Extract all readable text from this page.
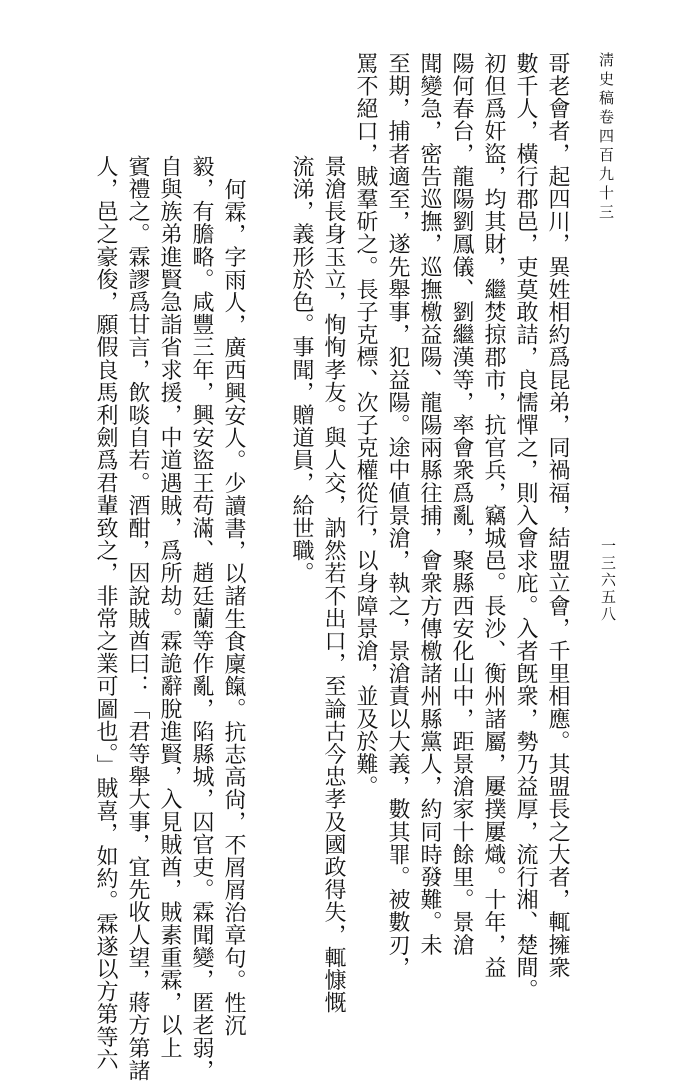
淸史稿卷四百九十三
一三六五八
哥老會者，起四川，異姓相約爲昆弟，同禍福，結盟立會，千里相應。其盟長之大者，輒擁衆
數千人，橫行郡邑，吏莫敢詰，良懦憚之，則入會求庇。入者旣衆，勢乃益厚，流行湘、楚間。
初但爲奸盜，均其財，繼焚掠郡市，抗官兵，竊城邑。長沙、衡州諸屬，屢撲屢熾。十年，益
陽何春台，龍陽劉鳳儀、劉繼漢等，率會衆爲亂，聚縣西安化山中，距景滄家十餘里。景滄
聞變急，密告巡撫，巡撫檄益陽、龍陽兩縣往捕，會衆方傳檄諸州縣黨人，約同時發難。未
至期，捕者適至，遂先舉事，犯益陽。途中値景滄，執之，景滄責以大義，數其罪。被數刃，
罵不絕口，賊羣斫之。長子克標、次子克權從行，以身障景滄，並及於難。
景滄長身玉立，恂恂孝友。與人交，訥然若不出口，至論古今忠孝及國政得失，輒慷慨
流涕，義形於色。事聞，贈道員，給世職。
何霖，字雨人，廣西興安人。少讀書，以諸生食廩餼。抗志高尙，不屑屑治章句。性沉
毅，有膽略。咸豐三年，興安盜王苟滿、趙廷蘭等作亂，陷縣城，囚官吏。霖聞變，匿老弱，
自與族弟進賢急詣省求援，中道遇賊，爲所劫。霖詭辭脫進賢，入見賊酋，賊素重霖，以上
賓禮之。霖謬爲甘言，飲啖自若。酒酣，因說賊酋曰：「君等舉大事，宜先收人望，蔣方第諸
人，邑之豪俊，願假良馬利劍爲君輩致之，非常之業可圖也。」賊喜，如約。霖遂以方第等六
